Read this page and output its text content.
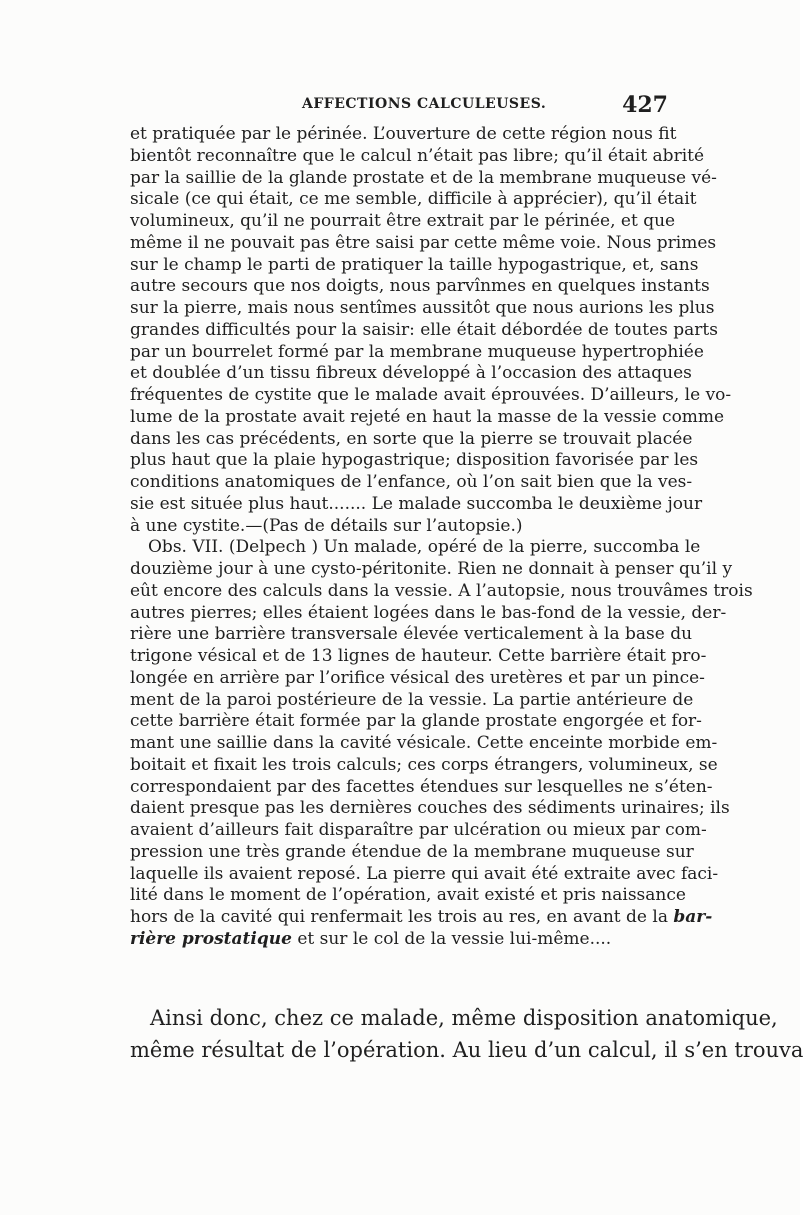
AFFECTIONS CALCULEUSES.	427
et pratiquée par le périnée. L’ouverture de cette région nous fit
bientôt reconnaître que le calcul n’était pas libre; qu’il était abrité
par la saillie de la glande prostate et de la membrane muqueuse vé-
sicale (ce qui était, ce me semble, difficile à apprécier), qu’il était
volumineux, qu’il ne pourrait être extrait par le périnée, et que
même il ne pouvait pas être saisi par cette même voie. Nous primes
sur le champ le parti de pratiquer la taille hypogastrique, et, sans
autre secours que nos doigts, nous parvînmes en quelques instants
sur la pierre, mais nous sentîmes aussitôt que nous aurions les plus
grandes difficultés pour la saisir: elle était débordée de toutes parts
par un bourrelet formé par la membrane muqueuse hypertrophiée
et doublée d’un tissu fibreux développé à l’occasion des attaques
fréquentes de cystite que le malade avait éprouvées. D’ailleurs, le vo-
lume de la prostate avait rejeté en haut la masse de la vessie comme
dans les cas précédents, en sorte que la pierre se trouvait placée
plus haut que la plaie hypogastrique; disposition favorisée par les
conditions anatomiques de l’enfance, où l’on sait bien que la ves-
sie est située plus haut....... Le malade succomba le deuxième jour
à une cystite.—(Pas de détails sur l’autopsie.)
Obs. VII. (Delpech ) Un malade, opéré de la pierre, succomba le
douzième jour à une cysto-péritonite. Rien ne donnait à penser qu’il y
eût encore des calculs dans la vessie. A l’autopsie, nous trouvâmes trois
autres pierres; elles étaient logées dans le bas-fond de la vessie, der-
rière une barrière transversale élevée verticalement à la base du
trigone vésical et de 13 lignes de hauteur. Cette barrière était pro-
longée en arrière par l’orifice vésical des uretères et par un pince-
ment de la paroi postérieure de la vessie. La partie antérieure de
cette barrière était formée par la glande prostate engorgée et for-
mant une saillie dans la cavité vésicale. Cette enceinte morbide em-
boitait et fixait les trois calculs; ces corps étrangers, volumineux, se
correspondaient par des facettes étendues sur lesquelles ne s’éten-
daient presque pas les dernières couches des sédiments urinaires; ils
avaient d’ailleurs fait disparaître par ulcération ou mieux par com-
pression une très grande étendue de la membrane muqueuse sur
laquelle ils avaient reposé. La pierre qui avait été extraite avec faci-
lité dans le moment de l’opération, avait existé et pris naissance
hors de la cavité qui renfermait les trois au res, en avant de la bar-
rière prostatique et sur le col de la vessie lui-même....
Ainsi donc, chez ce malade, même disposition anatomique,
même résultat de l’opération. Au lieu d’un calcul, il s’en trouva
